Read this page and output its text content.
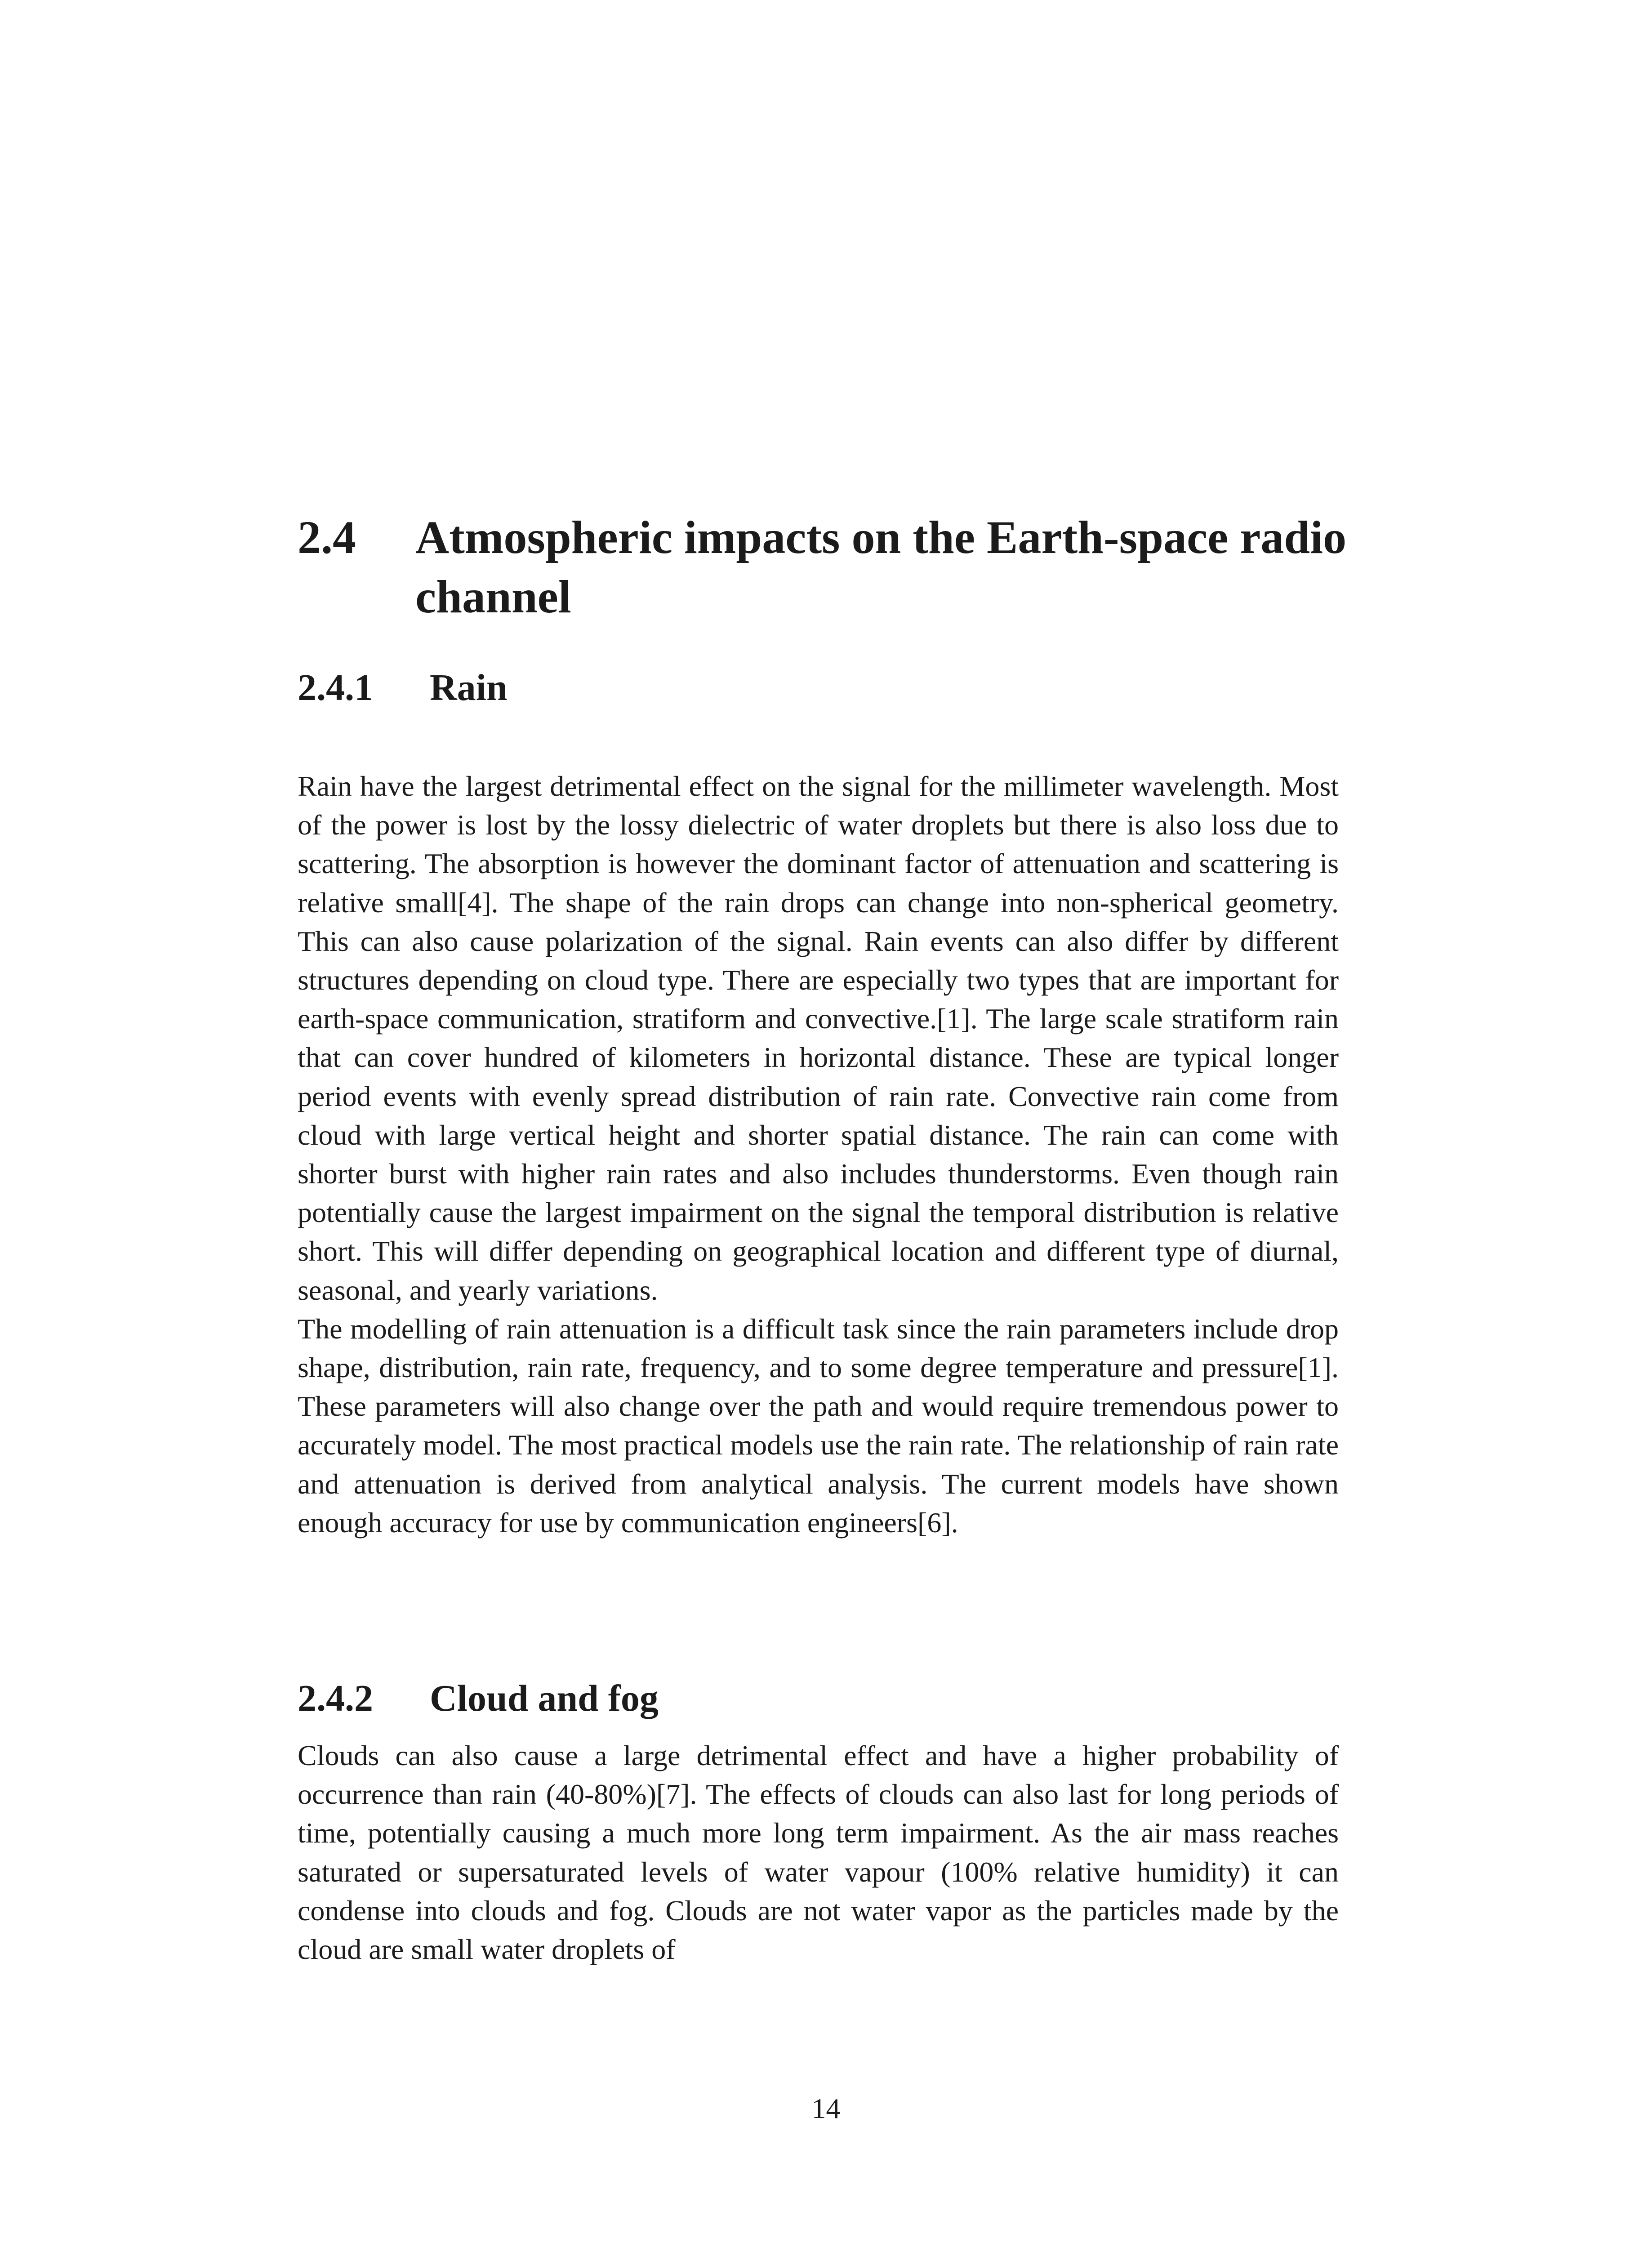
2.4 Atmospheric impacts on the Earth-space radio channel
2.4.1 Rain

Rain have the largest detrimental effect on the signal for the millimeter wavelength. Most of the power is lost by the lossy dielectric of water droplets but there is also loss due to scattering. The absorption is however the dominant factor of attenuation and scattering is relative small[4]. The shape of the rain drops can change into non-spherical geometry. This can also cause polarization of the signal. Rain events can also differ by different structures depending on cloud type. There are especially two types that are important for earth-space communication, stratiform and convective.[1]. The large scale stratiform rain that can cover hundred of kilometers in horizontal distance. These are typical longer period events with evenly spread distribution of rain rate. Convective rain come from cloud with large vertical height and shorter spatial distance. The rain can come with shorter burst with higher rain rates and also includes thunderstorms. Even though rain potentially cause the largest impairment on the signal the temporal distribution is relative short. This will differ depending on geographical location and different type of diurnal, seasonal, and yearly variations.

The modelling of rain attenuation is a difficult task since the rain parameters include drop shape, distribution, rain rate, frequency, and to some degree temperature and pressure[1]. These parameters will also change over the path and would require tremendous power to accurately model. The most practical models use the rain rate. The relationship of rain rate and attenuation is derived from analytical analysis. The current models have shown enough accuracy for use by communication engineers[6].

2.4.2 Cloud and fog

Clouds can also cause a large detrimental effect and have a higher probability of occurrence than rain (40-80%)[7]. The effects of clouds can also last for long periods of time, potentially causing a much more long term impairment. As the air mass reaches saturated or supersaturated levels of water vapour (100% relative humidity) it can condense into clouds and fog. Clouds are not water vapor as the particles made by the cloud are small water droplets of

14
